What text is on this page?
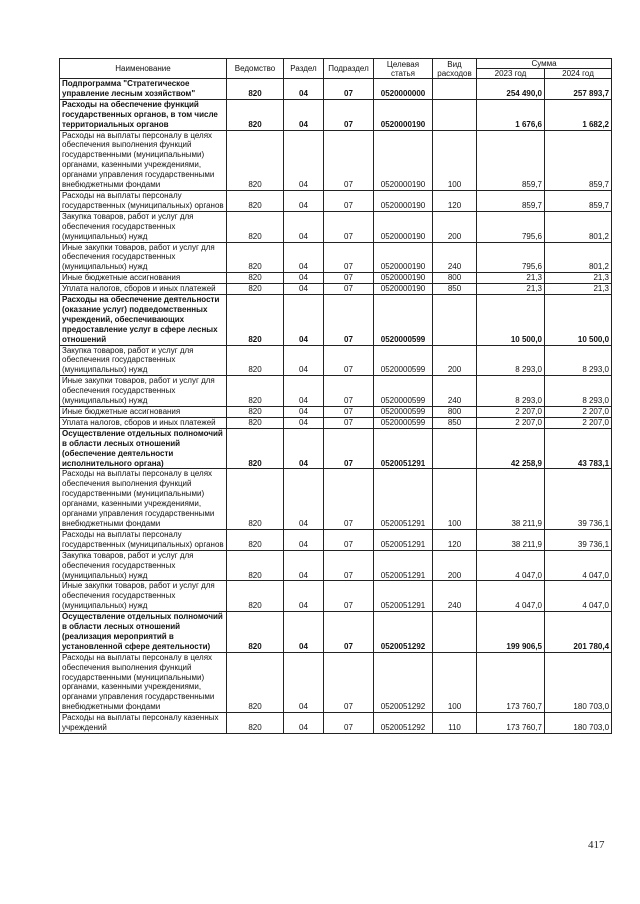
Наименование	Ведомство	Раздел	Подраздел	Целевая статья	Вид расходов	Сумма	
						2023 год	2024 год
Подпрограмма "Стратегическое управление лесным хозяйством"	820	04	07	0520000000		254 490,0	257 893,7
Расходы на обеспечение функций государственных органов, в том числе территориальных органов	820	04	07	0520000190		1 676,6	1 682,2
Расходы на выплаты персоналу в целях обеспечения выполнения функций государственными (муниципальными) органами, казенными учреждениями, органами управления государственными внебюджетными фондами	820	04	07	0520000190	100	859,7	859,7
Расходы на выплаты персоналу государственных (муниципальных) органов	820	04	07	0520000190	120	859,7	859,7
Закупка товаров, работ и услуг для обеспечения государственных (муниципальных) нужд	820	04	07	0520000190	200	795,6	801,2
Иные закупки товаров, работ и услуг для обеспечения государственных (муниципальных) нужд	820	04	07	0520000190	240	795,6	801,2
Иные бюджетные ассигнования	820	04	07	0520000190	800	21,3	21,3
Уплата налогов, сборов и иных платежей	820	04	07	0520000190	850	21,3	21,3
Расходы на обеспечение деятельности (оказание услуг) подведомственных учреждений, обеспечивающих предоставление услуг в сфере лесных отношений	820	04	07	0520000599		10 500,0	10 500,0
Закупка товаров, работ и услуг для обеспечения государственных (муниципальных) нужд	820	04	07	0520000599	200	8 293,0	8 293,0
Иные закупки товаров, работ и услуг для обеспечения государственных (муниципальных) нужд	820	04	07	0520000599	240	8 293,0	8 293,0
Иные бюджетные ассигнования	820	04	07	0520000599	800	2 207,0	2 207,0
Уплата налогов, сборов и иных платежей	820	04	07	0520000599	850	2 207,0	2 207,0
Осуществление отдельных полномочий в области лесных отношений (обеспечение деятельности исполнительного органа)	820	04	07	0520051291		42 258,9	43 783,1
Расходы на выплаты персоналу в целях обеспечения выполнения функций государственными (муниципальными) органами, казенными учреждениями, органами управления государственными внебюджетными фондами	820	04	07	0520051291	100	38 211,9	39 736,1
Расходы на выплаты персоналу государственных (муниципальных) органов	820	04	07	0520051291	120	38 211,9	39 736,1
Закупка товаров, работ и услуг для обеспечения государственных (муниципальных) нужд	820	04	07	0520051291	200	4 047,0	4 047,0
Иные закупки товаров, работ и услуг для обеспечения государственных (муниципальных) нужд	820	04	07	0520051291	240	4 047,0	4 047,0
Осуществление отдельных полномочий в области лесных отношений (реализация мероприятий в установленной сфере деятельности)	820	04	07	0520051292		199 906,5	201 780,4
Расходы на выплаты персоналу в целях обеспечения выполнения функций государственными (муниципальными) органами, казенными учреждениями, органами управления государственными внебюджетными фондами	820	04	07	0520051292	100	173 760,7	180 703,0
Расходы на выплаты персоналу казенных учреждений	820	04	07	0520051292	110	173 760,7	180 703,0
417
